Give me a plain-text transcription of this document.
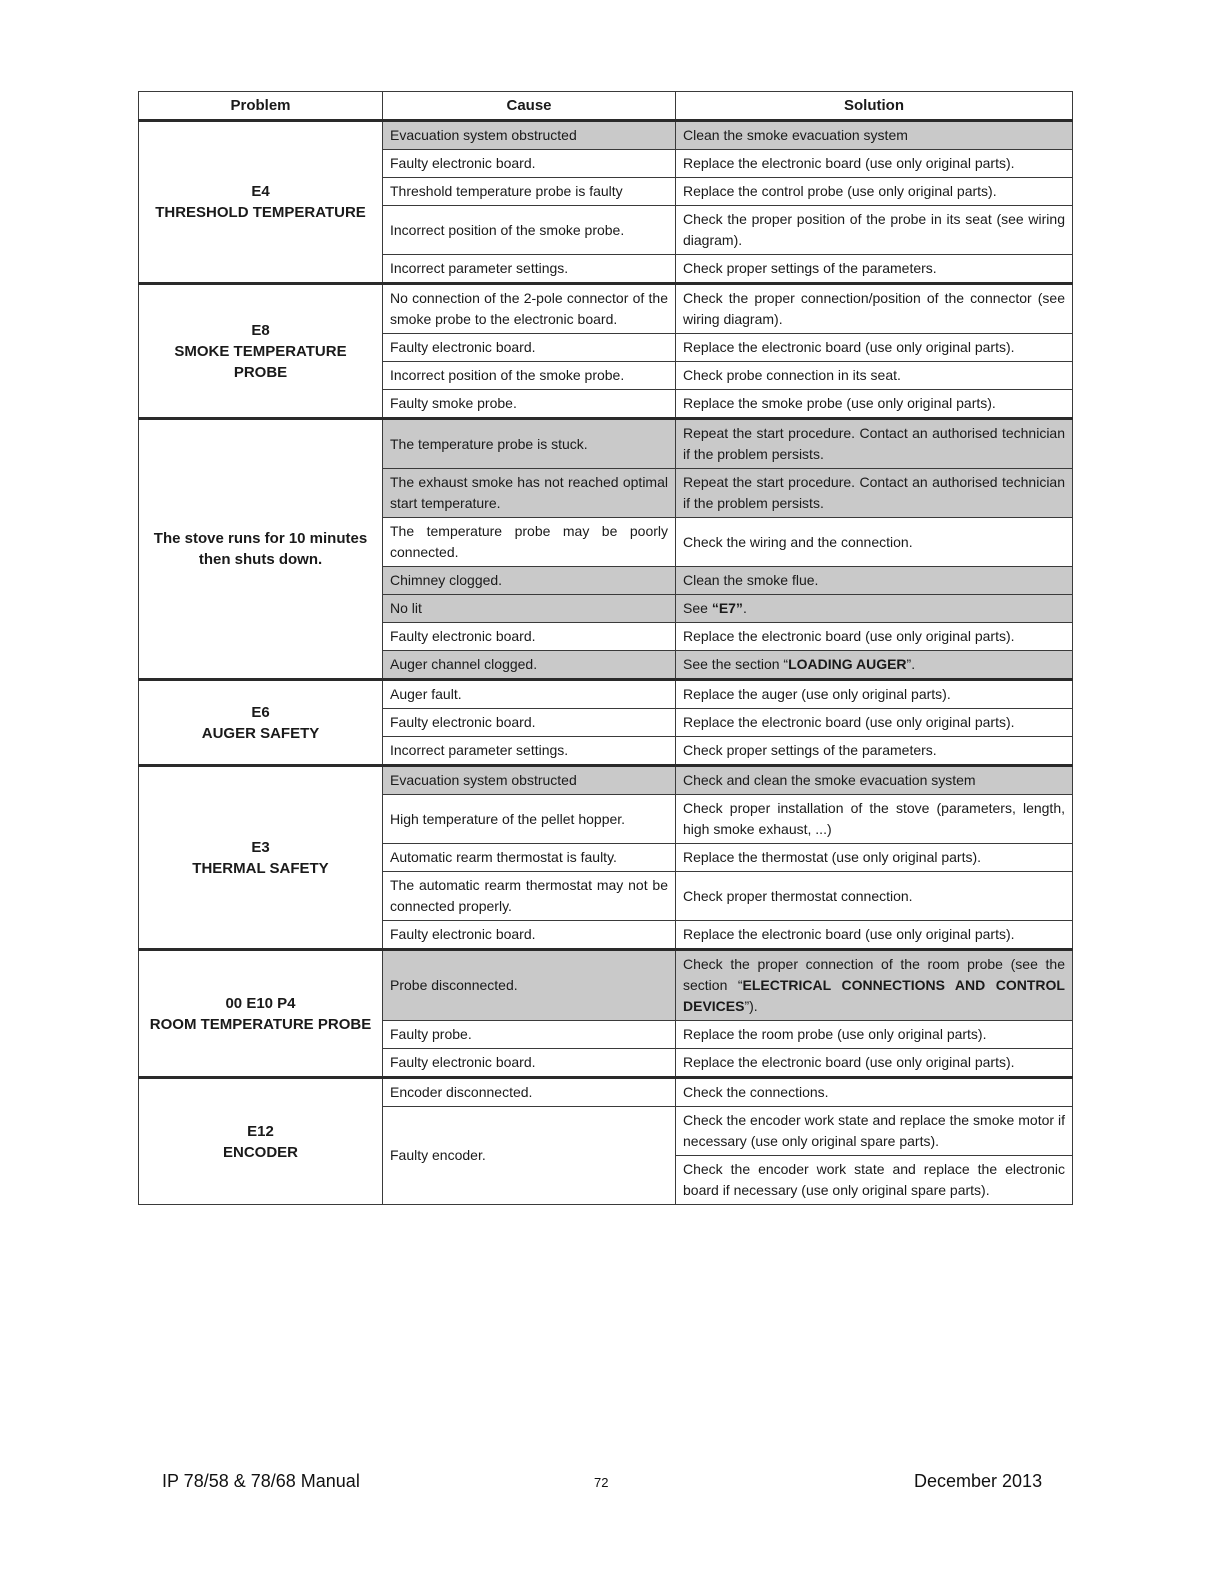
Problem	Cause	Solution

E4
THRESHOLD TEMPERATURE	Evacuation system obstructed	Clean the smoke evacuation system
	Faulty electronic board.	Replace the electronic board (use only original parts).
	Threshold temperature probe is faulty	Replace the control probe (use only original parts).
	Incorrect position of the smoke probe.	Check the proper position of the probe in its seat (see wiring diagram).
	Incorrect parameter settings.	Check proper settings of the parameters.

E8
SMOKE TEMPERATURE PROBE	No connection of the 2-pole connector of the smoke probe to the electronic board.	Check the proper connection/position of the connector (see wiring diagram).
	Faulty electronic board.	Replace the electronic board (use only original parts).
	Incorrect position of the smoke probe.	Check probe connection in its seat.
	Faulty smoke probe.	Replace the smoke probe (use only original parts).

The stove runs for 10 minutes
then shuts down.	The temperature probe is stuck.	Repeat the start procedure. Contact an authorised technician if the problem persists.
	The exhaust smoke has not reached optimal start temperature.	Repeat the start procedure. Contact an authorised technician if the problem persists.
	The temperature probe may be poorly connected.	Check the wiring and the connection.
	Chimney clogged.	Clean the smoke flue.
	No lit	See “E7”.
	Faulty electronic board.	Replace the electronic board (use only original parts).
	Auger channel clogged.	See the section “LOADING AUGER”.

E6
AUGER SAFETY	Auger fault.	Replace the auger (use only original parts).
	Faulty electronic board.	Replace the electronic board (use only original parts).
	Incorrect parameter settings.	Check proper settings of the parameters.

E3
THERMAL SAFETY	Evacuation system obstructed	Check and clean the smoke evacuation system
	High temperature of the pellet hopper.	Check proper installation of the stove (parameters, length, high smoke exhaust, ...)
	Automatic rearm thermostat is faulty.	Replace the thermostat (use only original parts).
	The automatic rearm thermostat may not be connected properly.	Check proper thermostat connection.
	Faulty electronic board.	Replace the electronic board (use only original parts).

00 E10 P4
ROOM TEMPERATURE PROBE	Probe disconnected.	Check the proper connection of the room probe (see the section “ELECTRICAL CONNECTIONS AND CONTROL DEVICES”).
	Faulty probe.	Replace the room probe (use only original parts).
	Faulty electronic board.	Replace the electronic board (use only original parts).

E12
ENCODER	Encoder disconnected.	Check the connections.
	Faulty encoder.	Check the encoder work state and replace the smoke motor if necessary (use only original spare parts).
		Check the encoder work state and replace the electronic board if necessary (use only original spare parts).
IP 78/58 & 78/68 Manual	72	December 2013
